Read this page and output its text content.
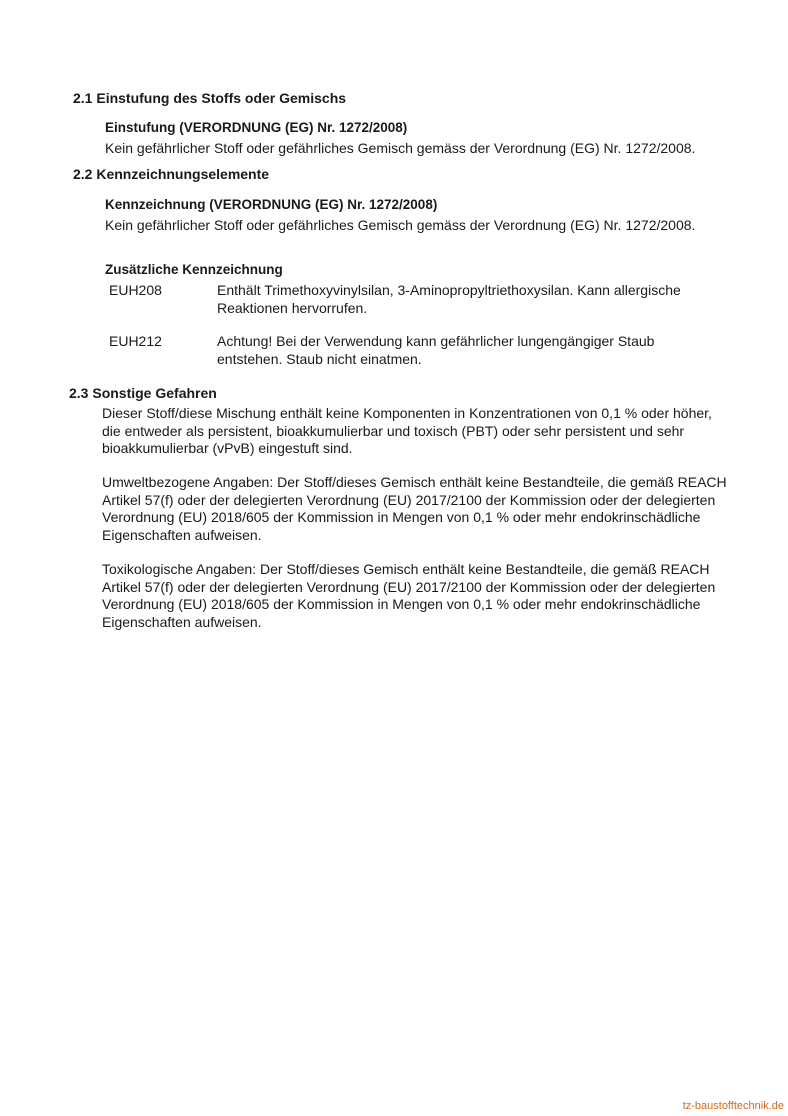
2.1 Einstufung des Stoffs oder Gemischs
Einstufung (VERORDNUNG (EG) Nr. 1272/2008)
Kein gefährlicher Stoff oder gefährliches Gemisch gemäss der Verordnung (EG) Nr. 1272/2008.
2.2 Kennzeichnungselemente
Kennzeichnung (VERORDNUNG (EG) Nr. 1272/2008)
Kein gefährlicher Stoff oder gefährliches Gemisch gemäss der Verordnung (EG) Nr. 1272/2008.
Zusätzliche Kennzeichnung
EUH208	Enthält Trimethoxyvinylsilan, 3-Aminopropyltriethoxysilan. Kann allergische
Reaktionen hervorrufen.
EUH212	Achtung! Bei der Verwendung kann gefährlicher lungengängiger Staub
entstehen. Staub nicht einatmen.
2.3 Sonstige Gefahren
Dieser Stoff/diese Mischung enthält keine Komponenten in Konzentrationen von 0,1 % oder höher,
die entweder als persistent, bioakkumulierbar und toxisch (PBT) oder sehr persistent und sehr
bioakkumulierbar (vPvB) eingestuft sind.
Umweltbezogene Angaben: Der Stoff/dieses Gemisch enthält keine Bestandteile, die gemäß REACH
Artikel 57(f) oder der delegierten Verordnung (EU) 2017/2100 der Kommission oder der delegierten
Verordnung (EU) 2018/605 der Kommission in Mengen von 0,1 % oder mehr endokrinschädliche
Eigenschaften aufweisen.
Toxikologische Angaben: Der Stoff/dieses Gemisch enthält keine Bestandteile, die gemäß REACH
Artikel 57(f) oder der delegierten Verordnung (EU) 2017/2100 der Kommission oder der delegierten
Verordnung (EU) 2018/605 der Kommission in Mengen von 0,1 % oder mehr endokrinschädliche
Eigenschaften aufweisen.
tz-baustofftechnik.de
